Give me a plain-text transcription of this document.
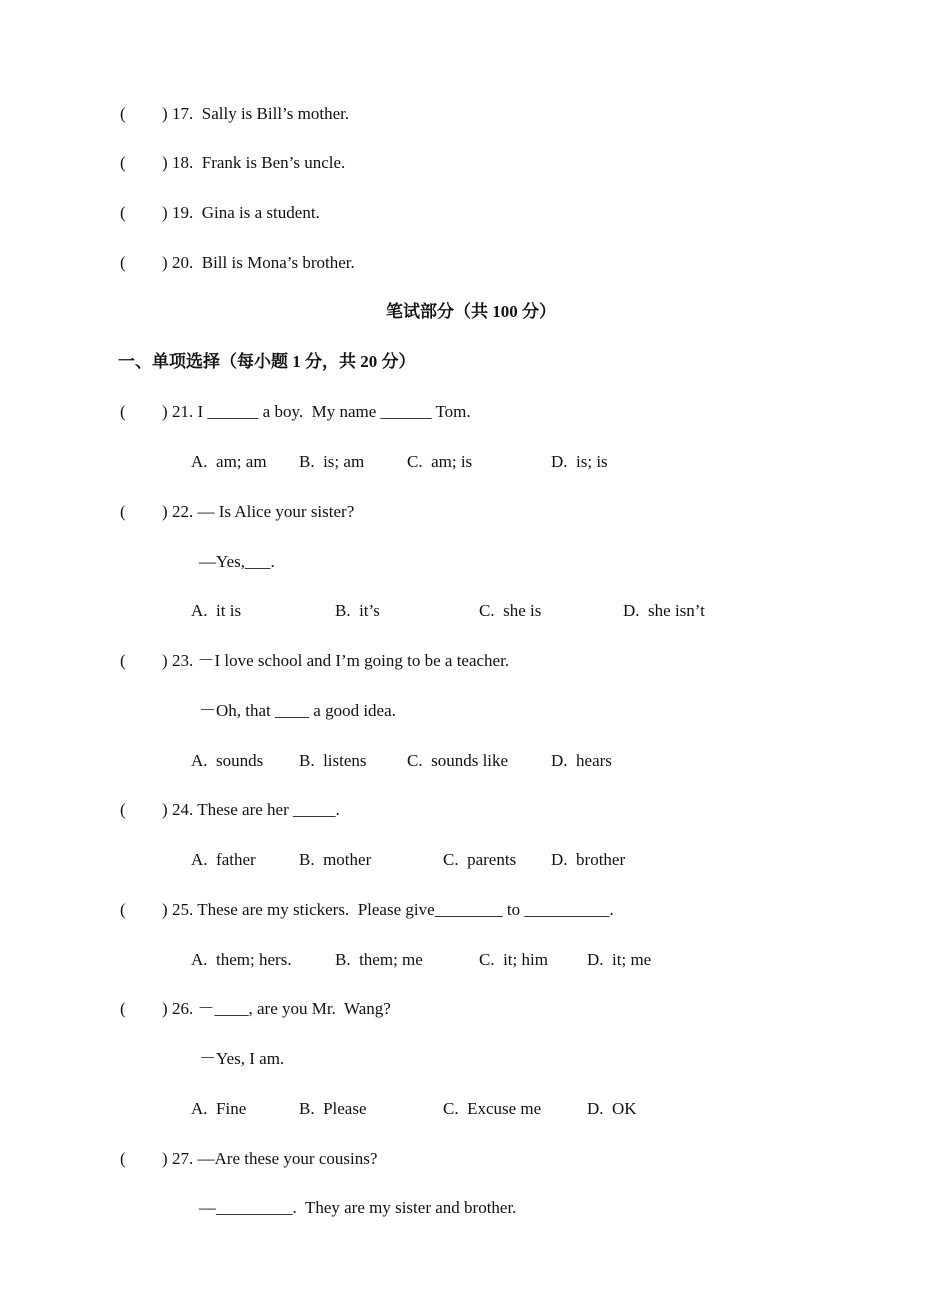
( ) 17.  Sally is Bill’s mother.
( ) 18.  Frank is Ben’s uncle.
( ) 19.  Gina is a student.
( ) 20.  Bill is Mona’s brother.
笔试部分（共 100 分）
一、单项选择（每小题 1 分，共 20 分）
( ) 21. I ______ a boy.  My name ______ Tom.
A.  am; am B.  is; am	C.  am; is	D.  is; is
( ) 22. — Is Alice your sister?
—Yes,___.
A.  it is	B.  it’s	C.  she is	D.  she isn’t
( ) 23. －I love school and I’m going to be a teacher.
－Oh, that ____ a good idea.
A.  sounds B.  listens C.  sounds like	D.  hears
( ) 24. These are her _____.
A.  father	B.  mother	C.  parents D.  brother
( ) 25. These are my stickers.  Please give________ to __________.
A.  them; hers.	B.  them; me	C.  it; him D.  it; me
( ) 26. －____, are you Mr.  Wang?
－Yes, I am.
A.  Fine	B.  Please	C.  Excuse me	D.  OK
( ) 27. —Are these your cousins?
—_________.  They are my sister and brother.
